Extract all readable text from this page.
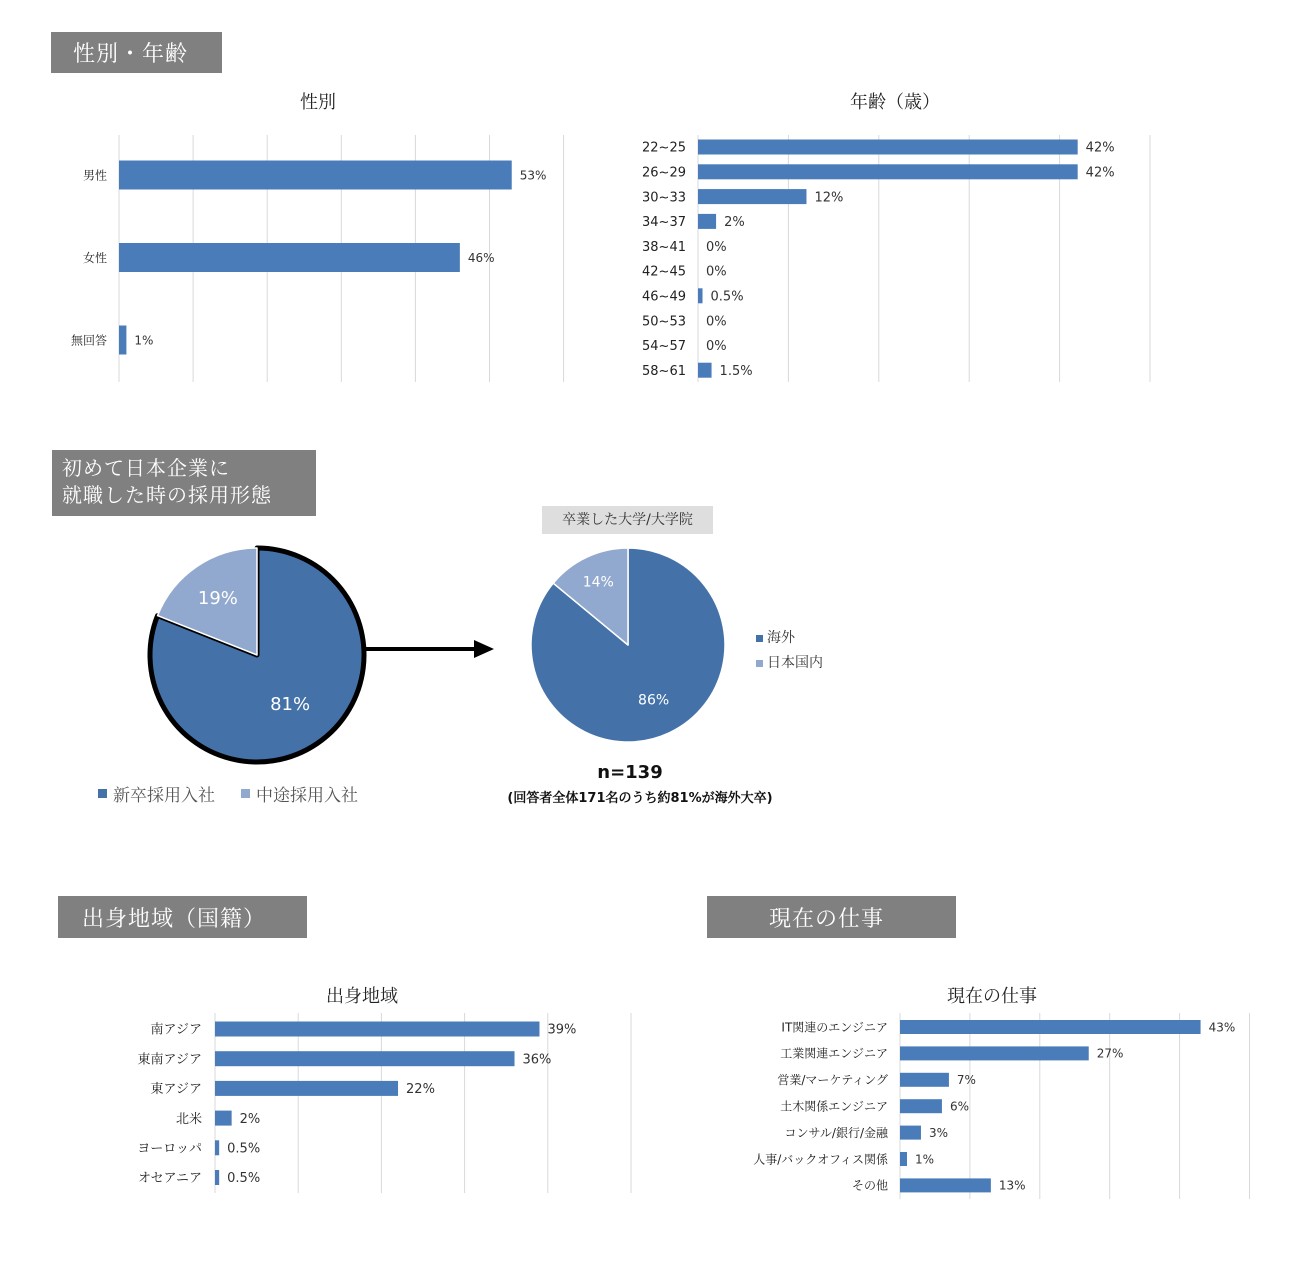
性別・年齢
初めて日本企業に
就職した時の採用形態
出身地域（国籍）	現在の仕事
性別	年齢（歳）
出身地域	現在の仕事
卒業した大学/大学院
n=139
(回答者全体171名のうち約81%が海外大卒)
新卒採用入社 中途採用入社
海外
日本国内
男性	53%
女性	46%
無回答 1%
22~25	42%
26~29	42%
30~33	12%
34~37	2%
38~41 0%
42~45 0%
46~49 0.5%
50~53 0%
54~57 0%
58~61	1.5%
南アジア	39%
東南アジア	36%
東アジア	22%
北米	2%
ヨーロッパ 0.5%
オセアニア 0.5%
IT関連のエンジニア	43%
工業関連エンジニア	27%
営業/マーケティング	7%
土木関係エンジニア	6%
コンサル/銀行/金融	3%
人事/バックオフィス関係 1%
その他	13%
81%
19%
86%
14%
